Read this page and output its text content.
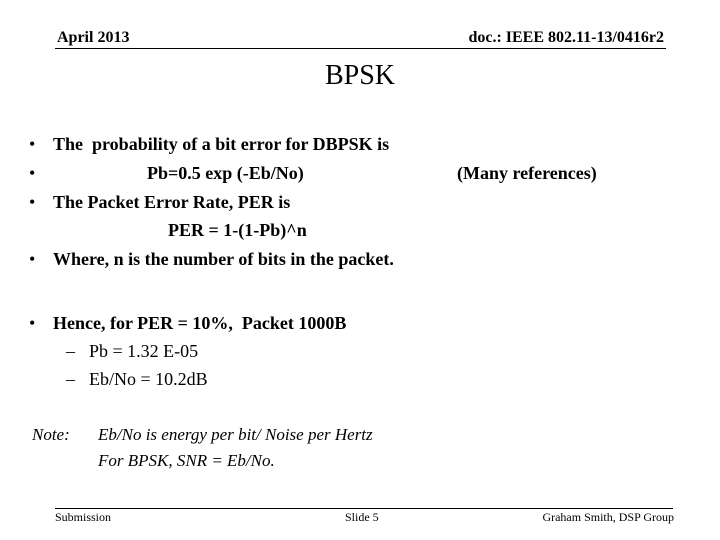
April 2013	doc.: IEEE 802.11-13/0416r2
BPSK
• The  probability of a bit error for DBPSK is
•	Pb=0.5 exp (-Eb/No)	(Many references)
• The Packet Error Rate, PER is
PER = 1-(1-Pb)^n
• Where, n is the number of bits in the packet.
• Hence, for PER = 10%,  Packet 1000B
– Pb = 1.32 E-05
– Eb/No = 10.2dB
Note: Eb/No is energy per bit/ Noise per Hertz
For BPSK, SNR = Eb/No.
Submission	Slide 5	Graham Smith, DSP Group
